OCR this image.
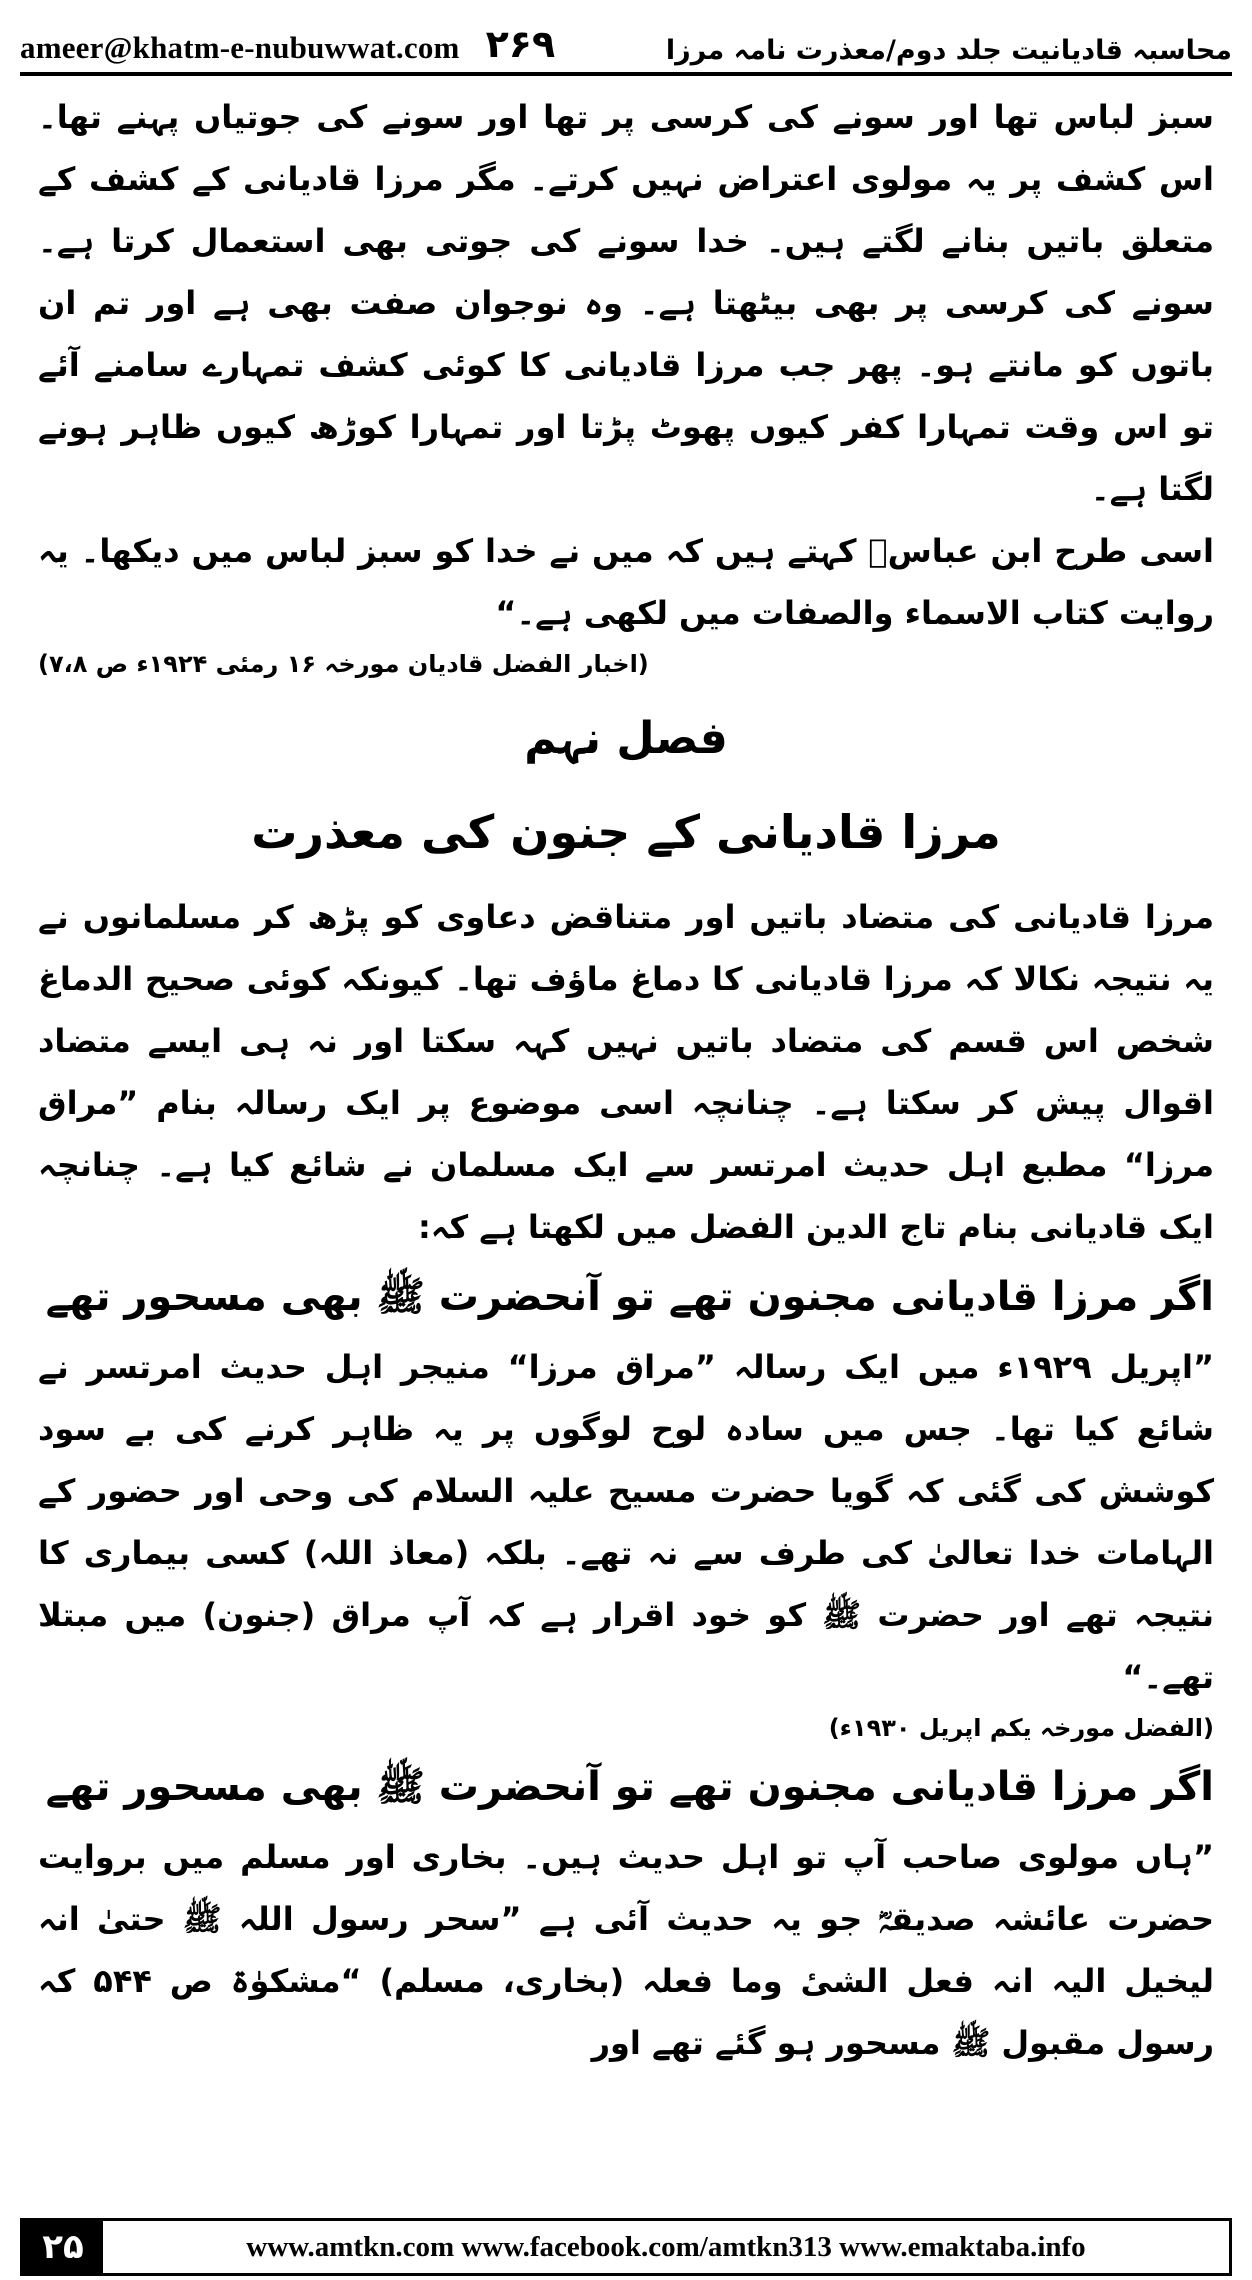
ameer@khatm-e-nubuwwat.com ۲۶۹	محاسبہ قادیانیت جلد دوم/معذرت نامہ مرزا

سبز لباس تھا اور سونے کی کرسی پر تھا اور سونے کی جوتیاں پہنے تھا۔ اس کشف پر یہ مولوی اعتراض نہیں کرتے۔ مگر مرزا قادیانی کے کشف کے متعلق باتیں بنانے لگتے ہیں۔ خدا سونے کی جوتی بھی استعمال کرتا ہے۔ سونے کی کرسی پر بھی بیٹھتا ہے۔ وہ نوجوان صفت بھی ہے اور تم ان باتوں کو مانتے ہو۔ پھر جب مرزا قادیانی کا کوئی کشف تمہارے سامنے آئے تو اس وقت تمہارا کفر کیوں پھوٹ پڑتا اور تمہارا کوڑھ کیوں ظاہر ہونے لگتا ہے۔

اسی طرح ابن عباسؓ کہتے ہیں کہ میں نے خدا کو سبز لباس میں دیکھا۔ یہ روایت کتاب الاسماء والصفات میں لکھی ہے۔“

(اخبار الفضل قادیان مورخہ ۱۶ رمئی ۱۹۲۴ء ص ۷،۸)
فصل نہم
مرزا قادیانی کے جنون کی معذرت

مرزا قادیانی کی متضاد باتیں اور متناقض دعاوی کو پڑھ کر مسلمانوں نے یہ نتیجہ نکالا کہ مرزا قادیانی کا دماغ ماؤف تھا۔ کیونکہ کوئی صحیح الدماغ شخص اس قسم کی متضاد باتیں نہیں کہہ سکتا اور نہ ہی ایسے متضاد اقوال پیش کر سکتا ہے۔ چنانچہ اسی موضوع پر ایک رسالہ بنام ”مراق مرزا“ مطبع اہل حدیث امرتسر سے ایک مسلمان نے شائع کیا ہے۔ چنانچہ ایک قادیانی بنام تاج الدین الفضل میں لکھتا ہے کہ:

اگر مرزا قادیانی مجنون تھے تو آنحضرت ﷺ بھی مسحور تھے

”اپریل ۱۹۲۹ء میں ایک رسالہ ”مراق مرزا“ منیجر اہل حدیث امرتسر نے شائع کیا تھا۔ جس میں سادہ لوح لوگوں پر یہ ظاہر کرنے کی بے سود کوشش کی گئی کہ گویا حضرت مسیح علیہ السلام کی وحی اور حضور کے الہامات خدا تعالیٰ کی طرف سے نہ تھے۔ بلکہ (معاذ اللہ) کسی بیماری کا نتیجہ تھے اور حضرت ﷺ کو خود اقرار ہے کہ آپ مراق (جنون) میں مبتلا تھے۔“

(الفضل مورخہ یکم اپریل ۱۹۳۰ء)
اگر مرزا قادیانی مجنون تھے تو آنحضرت ﷺ بھی مسحور تھے

”ہاں مولوی صاحب آپ تو اہل حدیث ہیں۔ بخاری اور مسلم میں بروایت حضرت عائشہ صدیقہؓ جو یہ حدیث آئی ہے ”سحر رسول اللہ ﷺ حتیٰ انہ لیخیل الیہ انہ فعل الشیٔ وما فعلہ (بخاری، مسلم) “مشکوٰۃ ص ۵۴۴ کہ رسول مقبول ﷺ مسحور ہو گئے تھے اور

۲۵	www.amtkn.com www.facebook.com/amtkn313 www.emaktaba.info
